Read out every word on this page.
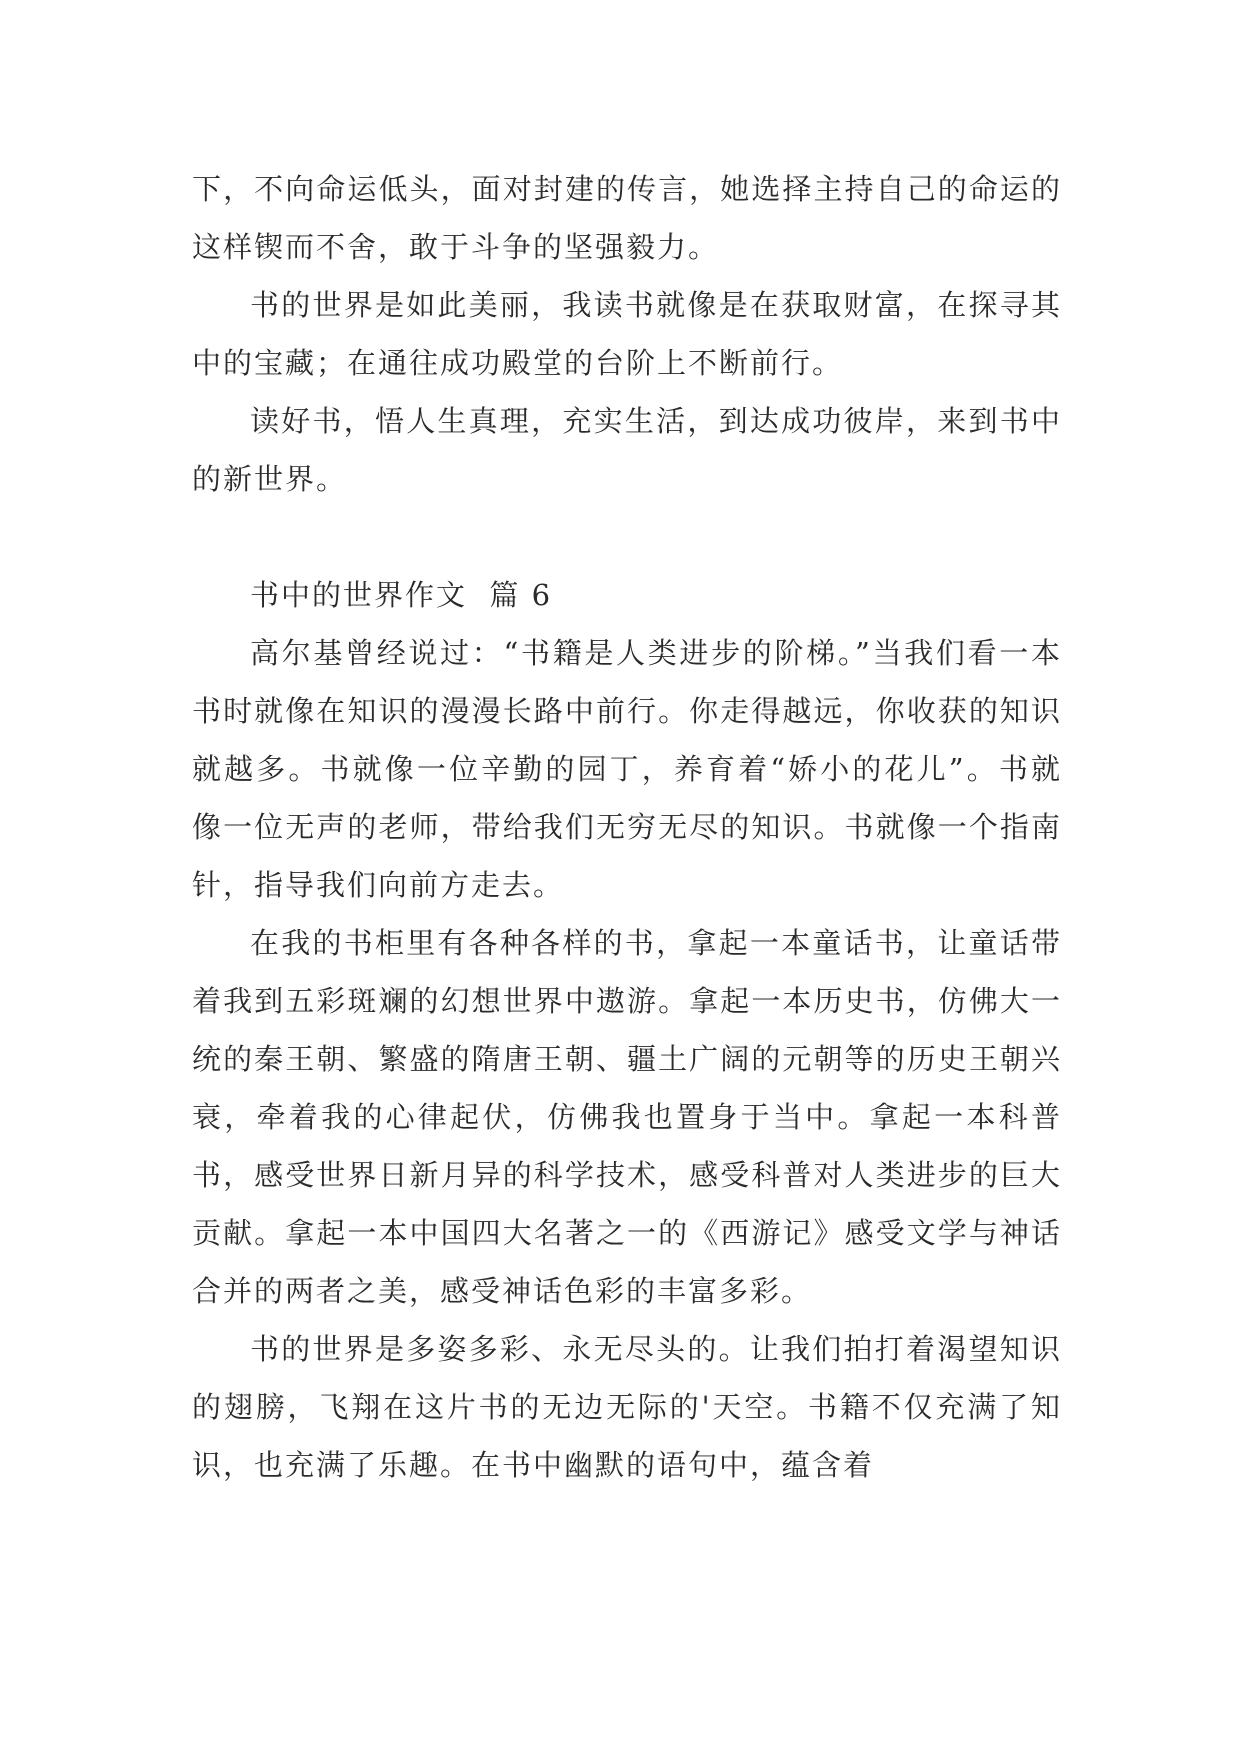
下，不向命运低头，面对封建的传言，她选择主持自己的命运的这样锲而不舍，敢于斗争的坚强毅力。

书的世界是如此美丽，我读书就像是在获取财富，在探寻其中的宝藏；在通往成功殿堂的台阶上不断前行。

读好书，悟人生真理，充实生活，到达成功彼岸，来到书中的新世界。

书中的世界作文  篇 6

高尔基曾经说过：“书籍是人类进步的阶梯。”当我们看一本书时就像在知识的漫漫长路中前行。你走得越远，你收获的知识就越多。书就像一位辛勤的园丁，养育着“娇小的花儿”。书就像一位无声的老师，带给我们无穷无尽的知识。书就像一个指南针，指导我们向前方走去。

在我的书柜里有各种各样的书，拿起一本童话书，让童话带着我到五彩斑斓的幻想世界中遨游。拿起一本历史书，仿佛大一统的秦王朝、繁盛的隋唐王朝、疆土广阔的元朝等的历史王朝兴衰，牵着我的心律起伏，仿佛我也置身于当中。拿起一本科普书，感受世界日新月异的科学技术，感受科普对人类进步的巨大贡献。拿起一本中国四大名著之一的《西游记》感受文学与神话合并的两者之美，感受神话色彩的丰富多彩。

书的世界是多姿多彩、永无尽头的。让我们拍打着渴望知识的翅膀，飞翔在这片书的无边无际的'天空。书籍不仅充满了知识，也充满了乐趣。在书中幽默的语句中，蕴含着
